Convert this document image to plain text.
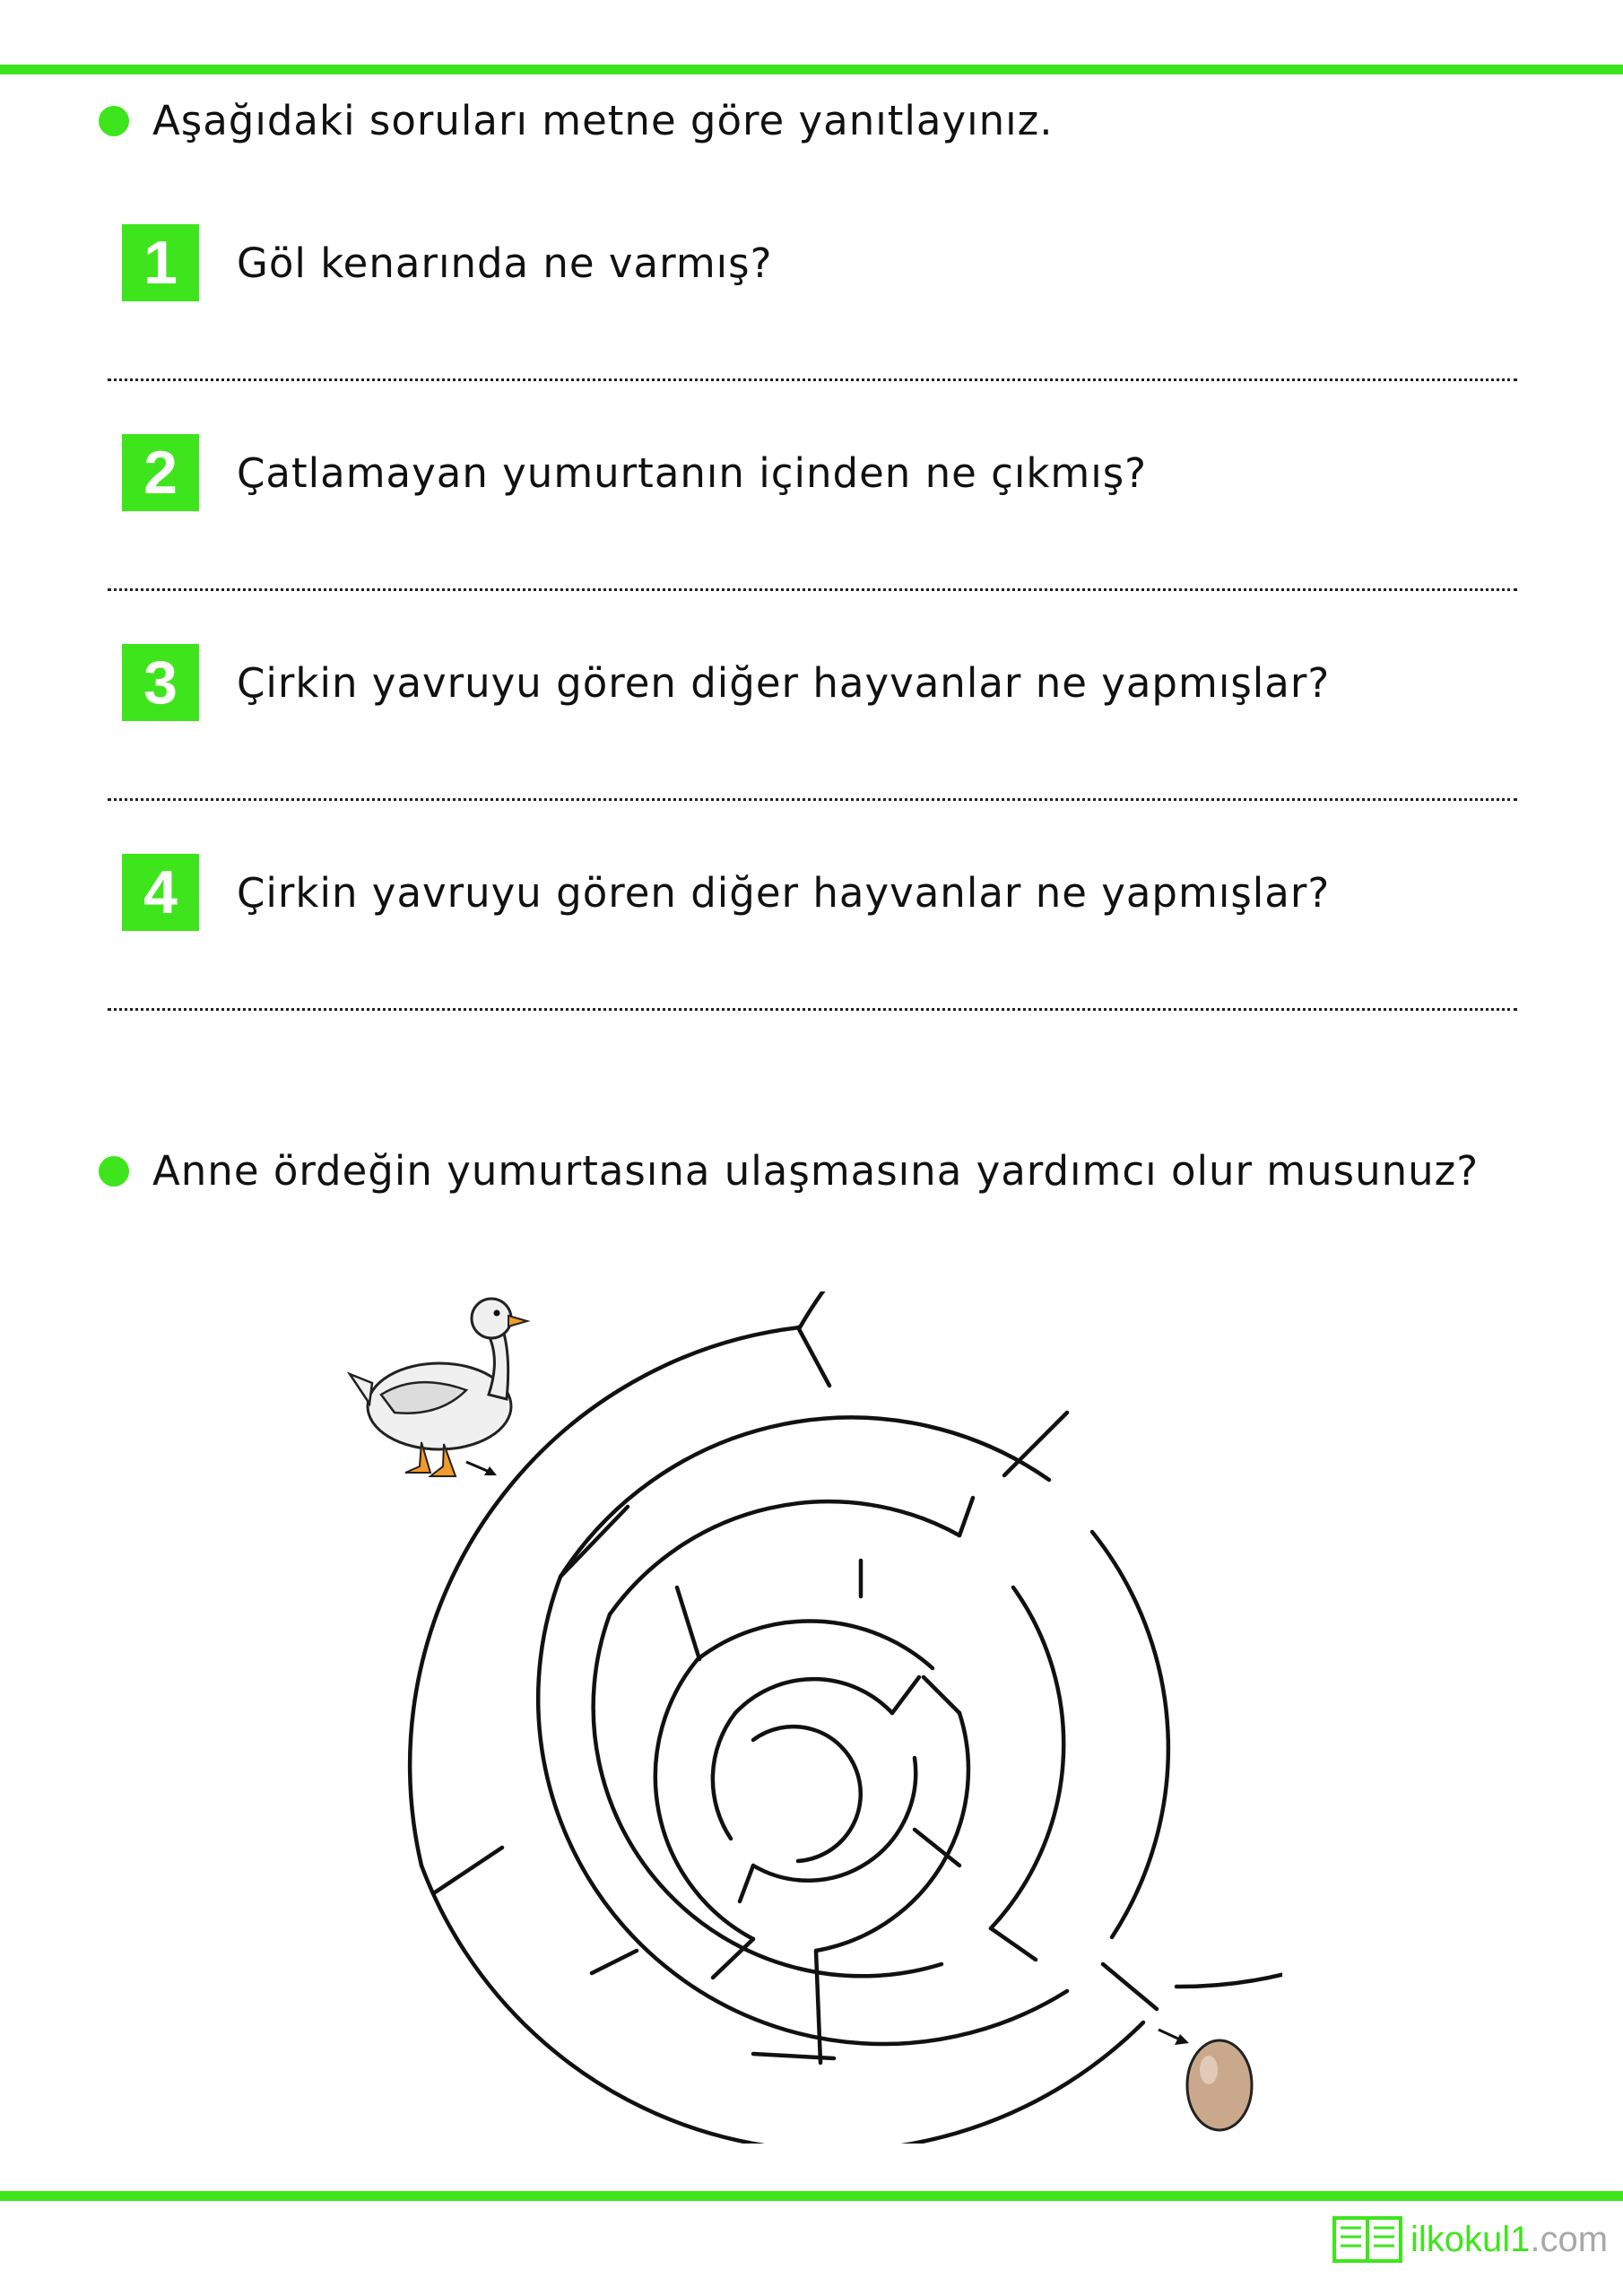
Aşağıdaki soruları metne göre yanıtlayınız.
1	Göl kenarında ne varmış?
2	Çatlamayan yumurtanın içinden ne çıkmış?
3	Çirkin yavruyu gören diğer hayvanlar ne yapmışlar?
4	Çirkin yavruyu gören diğer hayvanlar ne yapmışlar?
Anne ördeğin yumurtasına ulaşmasına yardımcı olur musunuz?
ilkokul1.com
